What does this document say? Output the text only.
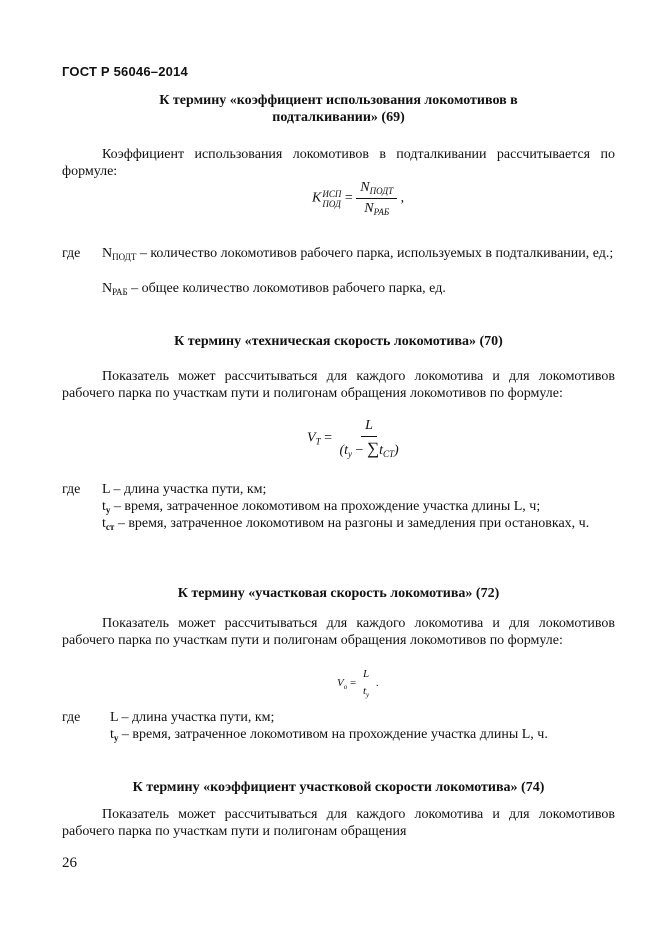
ГОСТ Р 56046–2014
К термину «коэффициент использования локомотивов в
подталкивании» (69)
Коэффициент использования локомотивов в подталкивании рассчитывается по формуле:
K ИСП
ПОД = $\frac{N_{ПОДТ}}{N_{РАБ}}$ ,
где $N_{ПОДТ}$ – количество локомотивов рабочего парка, используемых в подталкивании, ед.;
$N_{РАБ}$ – общее количество локомотивов рабочего парка, ед.
К термину «техническая скорость локомотива» (70)
Показатель может рассчитываться для каждого локомотива и для локомотивов рабочего парка по участкам пути и полигонам обращения локомотивов по формуле:
$V_T = \frac{L}{(t_у - \sum t_{СТ})}$
где L – длина участка пути, км;
$t_у$ – время, затраченное локомотивом на прохождение участка длины L, ч;
$t_{ст}$ – время, затраченное локомотивом на разгоны и замедления при остановках, ч.
К термину «участковая скорость локомотива» (72)
Показатель может рассчитываться для каждого локомотива и для локомотивов рабочего парка по участкам пути и полигонам обращения локомотивов по формуле:
$V_о$ =
L
$t_у$
.
где L – длина участка пути, км;
$t_у$ – время, затраченное локомотивом на прохождение участка длины L, ч.
К термину «коэффициент участковой скорости локомотива» (74)
Показатель может рассчитываться для каждого локомотива и для локомотивов рабочего парка по участкам пути и полигонам обращения
26
